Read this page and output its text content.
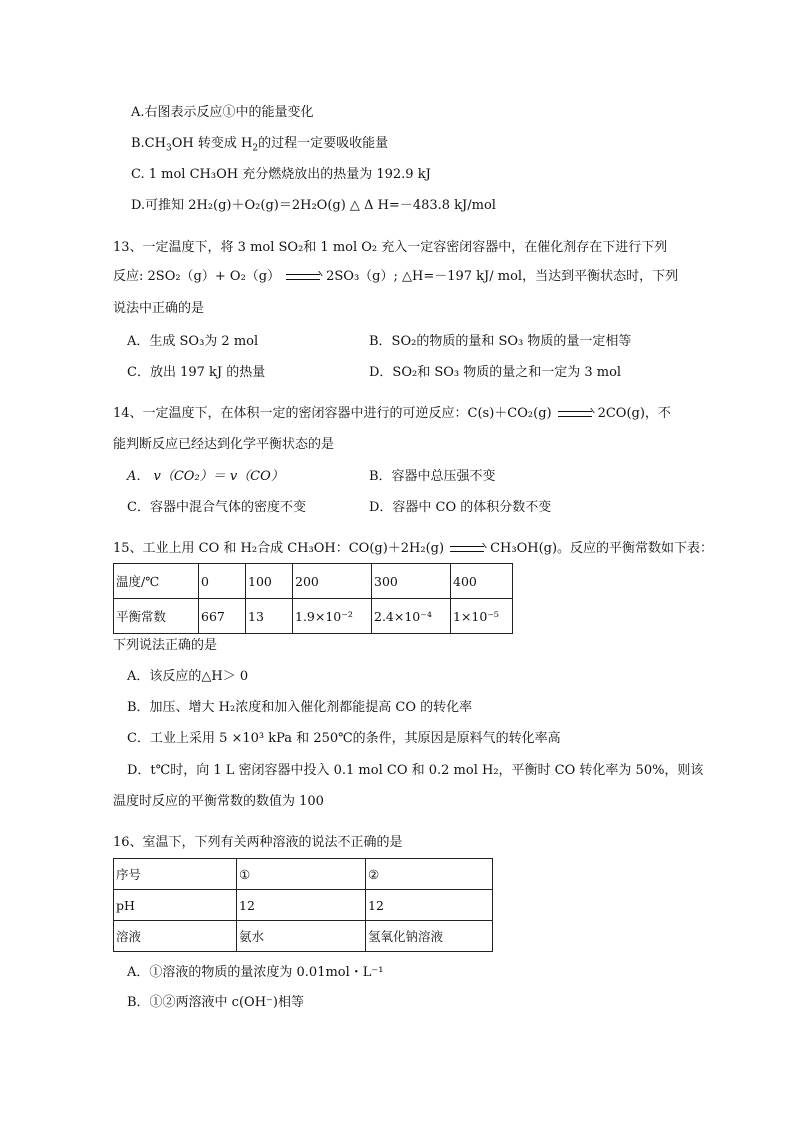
A.右图表示反应①中的能量变化
$B.CH_3OH$ 转变成 $H_2$的过程一定要吸收能量
C. 1 mol CH₃OH 充分燃烧放出的热量为 192.9 kJ
D.可推知 2H₂(g)＋O₂(g)＝2H₂O(g) △ Δ H=－483.8 kJ/mol
13、一定温度下，将 3 mol SO₂和 1 mol O₂ 充入一定容密闭容器中，在催化剂存在下进行下列
反应: 2SO₂（g）+ O₂（g）	2SO₃（g）; △H=－197 kJ/ mol，当达到平衡状态时，下列
说法中正确的是
A．生成 SO₃为 2 mol	B．SO₂的物质的量和 SO₃ 物质的量一定相等
C．放出 197 kJ 的热量	D．SO₂和 SO₃ 物质的量之和一定为 3 mol
14、一定温度下，在体积一定的密闭容器中进行的可逆反应：C(s)＋CO₂(g)	2CO(g)，不
能判断反应已经达到化学平衡状态的是
A． v（CO₂）＝ v（CO）	B．容器中总压强不变
C．容器中混合气体的密度不变	D．容器中 CO 的体积分数不变
15、工业上用 CO 和 H₂合成 CH₃OH：CO(g)＋2H₂(g)	CH₃OH(g)。反应的平衡常数如下表：
温度/℃	0	100	200	300	400
平衡常数	667	13	1.9×10⁻²	2.4×10⁻⁴	1×10⁻⁵
下列说法正确的是
A．该反应的△H＞ 0
B．加压、增大 H₂浓度和加入催化剂都能提高 CO 的转化率
C．工业上采用 5 ×10³ kPa 和 250℃的条件，其原因是原料气的转化率高
D．t℃时，向 1 L 密闭容器中投入 0.1 mol CO 和 0.2 mol H₂，平衡时 CO 转化率为 50%，则该
温度时反应的平衡常数的数值为 100
16、室温下，下列有关两种溶液的说法不正确的是
序号	①	②
pH	12	12
溶液	氨水	氢氧化钠溶液
A．①溶液的物质的量浓度为 0.01mol・L⁻¹
B．①②两溶液中 c(OH⁻)相等
